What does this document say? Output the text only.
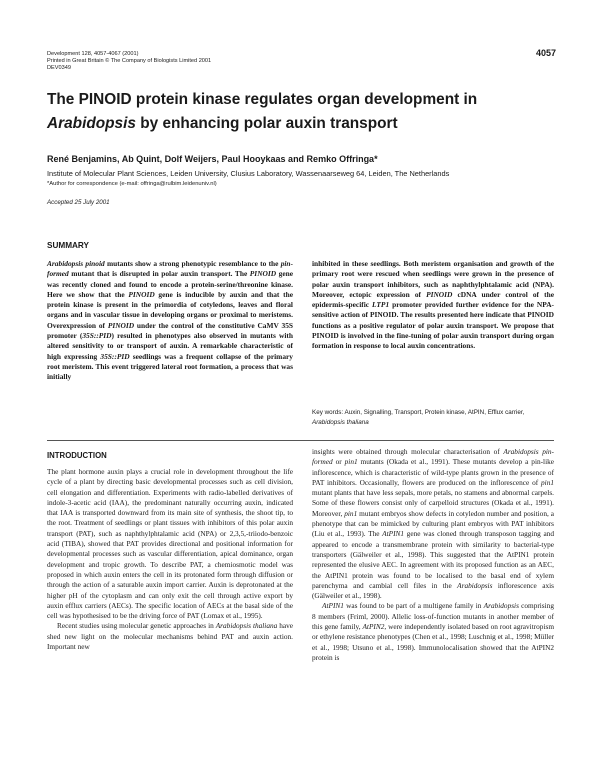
Development 128, 4057-4067 (2001)
Printed in Great Britain © The Company of Biologists Limited 2001
DEV0349
4057
The PINOID protein kinase regulates organ development in Arabidopsis by enhancing polar auxin transport
René Benjamins, Ab Quint, Dolf Weijers, Paul Hooykaas and Remko Offringa*
Institute of Molecular Plant Sciences, Leiden University, Clusius Laboratory, Wassenaarseweg 64, Leiden, The Netherlands
*Author for correspondence (e-mail: offringa@rulbim.leidenuniv.nl)
Accepted 25 July 2001
SUMMARY

Arabidopsis pinoid mutants show a strong phenotypic resemblance to the pin-formed mutant that is disrupted in polar auxin transport. The PINOID gene was recently cloned and found to encode a protein-serine/threonine kinase. Here we show that the PINOID gene is inducible by auxin and that the protein kinase is present in the primordia of cotyledons, leaves and floral organs and in vascular tissue in developing organs or proximal to meristems. Overexpression of PINOID under the control of the constitutive CaMV 35S promoter (35S::PID) resulted in phenotypes also observed in mutants with altered sensitivity to or transport of auxin. A remarkable characteristic of high expressing 35S::PID seedlings was a frequent collapse of the primary root meristem. This event triggered lateral root formation, a process that was initially

inhibited in these seedlings. Both meristem organisation and growth of the primary root were rescued when seedlings were grown in the presence of polar auxin transport inhibitors, such as naphthylphtalamic acid (NPA). Moreover, ectopic expression of PINOID cDNA under control of the epidermis-specific LTP1 promoter provided further evidence for the NPA-sensitive action of PINOID. The results presented here indicate that PINOID functions as a positive regulator of polar auxin transport. We propose that PINOID is involved in the fine-tuning of polar auxin transport during organ formation in response to local auxin concentrations.

Key words: Auxin, Signalling, Transport, Protein kinase, AtPIN, Efflux carrier, Arabidopsis thaliana

INTRODUCTION

The plant hormone auxin plays a crucial role in development throughout the life cycle of a plant by directing basic developmental processes such as cell division, cell elongation and differentiation. Experiments with radio-labelled derivatives of indole-3-acetic acid (IAA), the predominant naturally occurring auxin, indicated that IAA is transported downward from its main site of synthesis, the shoot tip, to the root. Treatment of seedlings or plant tissues with inhibitors of this polar auxin transport (PAT), such as naphthylphtalamic acid (NPA) or 2,3,5,-triiodo-benzoic acid (TIBA), showed that PAT provides directional and positional information for developmental processes such as vascular differentiation, apical dominance, organ development and tropic growth. To describe PAT, a chemiosmotic model was proposed in which auxin enters the cell in its protonated form through diffusion or through the action of a saturable auxin import carrier. Auxin is deprotonated at the higher pH of the cytoplasm and can only exit the cell through active export by auxin efflux carriers (AECs). The specific location of AECs at the basal side of the cell was hypothesised to be the driving force of PAT (Lomax et al., 1995).

Recent studies using molecular genetic approaches in Arabidopsis thaliana have shed new light on the molecular mechanisms behind PAT and auxin action. Important new

insights were obtained through molecular characterisation of Arabidopsis pin-formed or pin1 mutants (Okada et al., 1991). These mutants develop a pin-like inflorescence, which is characteristic of wild-type plants grown in the presence of PAT inhibitors. Occasionally, flowers are produced on the inflorescence of pin1 mutant plants that have less sepals, more petals, no stamens and abnormal carpels. Some of these flowers consist only of carpelloid structures (Okada et al., 1991). Moreover, pin1 mutant embryos show defects in cotyledon number and position, a phenotype that can be mimicked by culturing plant embryos with PAT inhibitors (Liu et al., 1993). The AtPIN1 gene was cloned through transposon tagging and appeared to encode a transmembrane protein with similarity to bacterial-type transporters (Gälweiler et al., 1998). This suggested that the AtPIN1 protein represented the elusive AEC. In agreement with its proposed function as an AEC, the AtPIN1 protein was found to be localised to the basal end of xylem parenchyma and cambial cell files in the Arabidopsis inflorescence axis (Gälweiler et al., 1998).

AtPIN1 was found to be part of a multigene family in Arabidopsis comprising 8 members (Friml, 2000). Allelic loss-of-function mutants in another member of this gene family, AtPIN2, were independently isolated based on root agravitropism or ethylene resistance phenotypes (Chen et al., 1998; Luschnig et al., 1998; Müller et al., 1998; Utsuno et al., 1998). Immunolocalisation showed that the AtPIN2 protein is
